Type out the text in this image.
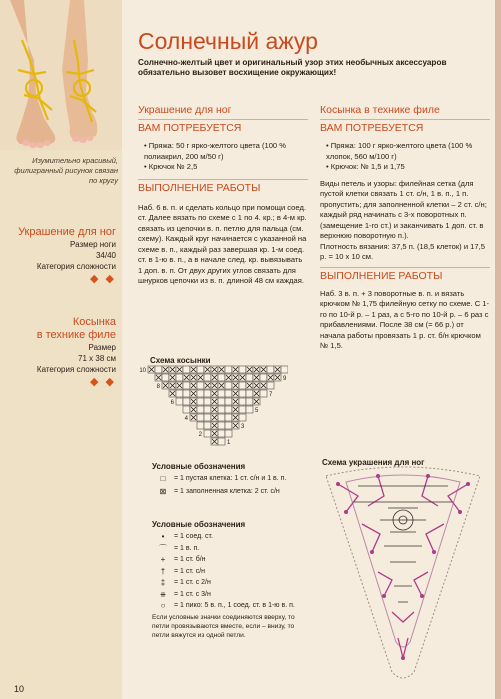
Изумительно красивый, филигранный рисунок связан по кругу
Украшение для ног
Размер ноги
34/40
Категория сложности
◆ ◆
Косынка
в технике филе
Размер
71 х 38 см
Категория сложности
◆ ◆
Солнечный ажур
Солнечно-желтый цвет и оригинальный узор этих необычных аксессуаров обязательно вызовет восхищение окружающих!
Украшение для ног
ВАМ ПОТРЕБУЕТСЯ
• Пряжа: 50 г ярко-желтого цвета (100 % полиакрил, 200 м/50 г)
• Крючок № 2,5
ВЫПОЛНЕНИЕ РАБОТЫ
Наб. 6 в. п. и сделать кольцо при помощи соед. ст. Далее вязать по схеме с 1 по 4. кр.; в 4-м кр. связать из цепочки в. п. петлю для пальца (см. схему). Каждый круг начинается с указанной на схеме в. п., каждый раз завершая кр. 1-м соед. ст. в 1-ю в. п., а в начале след. кр. вывязывать 1 доп. в. п. От двух других углов связать для шнурков цепочки из в. п. длиной 48 см каждая.
Схема косынки
10
9
8
7
6
5
4
3
2
1
Условные обозначения
□	= 1 пустая клетка: 1 ст. с/н и 1 в. п.
⊠	= 1 заполненная клетка: 2 ст. с/н
Условные обозначения
•	= 1 соед. ст.
⌒	= 1 в. п.
+	= 1 ст. б/н
†	= 1 ст. с/н
‡	= 1 ст. с 2/н
⧺	= 1 ст. с 3/н
○	= 1 пико: 5 в. п., 1 соед. ст. в 1-ю в. п.
Если условные значки соединяются вверху, то петли провязываются вместе, если – внизу, то петли вяжутся из одной петли.
Косынка в технике филе
ВАМ ПОТРЕБУЕТСЯ
• Пряжа: 100 г ярко-желтого цвета (100 % хлопок, 560 м/100 г)
• Крючок: № 1,5 и 1,75
Виды петель и узоры: филейная сетка (для пустой клетки связать 1 ст. с/н, 1 в. п., 1 п. пропустить; для заполненной клетки – 2 ст. с/н; каждый ряд начинать с 3-х поворотных п. (замещение 1-го ст.) и заканчивать 1 доп. ст. в верхнюю поворотную п.).
Плотность вязания: 37,5 п. (18,5 клеток) и 17,5 р. = 10 х 10 см.
ВЫПОЛНЕНИЕ РАБОТЫ
Наб. 3 в. п. + 3 поворотные в. п. и вязать крючком № 1,75 филейную сетку по схеме. С 1-го по 10-й р. – 1 раз, а с 5-го по 10-й р. – 6 раз с прибавлениями. После 38 см (= 66 р.) от начала работы провязать 1 р. ст. б/н крючком № 1,5.
Схема украшения для ног
10
